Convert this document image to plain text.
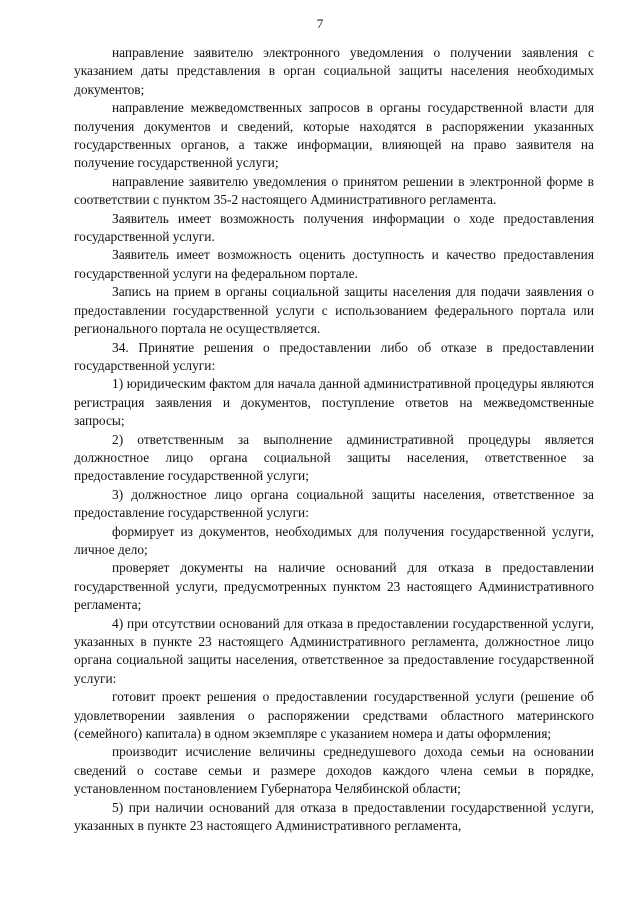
7

направление заявителю электронного уведомления о получении заявления с указанием даты представления в орган социальной защиты населения необходимых документов;

направление межведомственных запросов в органы государственной власти для получения документов и сведений, которые находятся в распоряжении указанных государственных органов, а также информации, влияющей на право заявителя на получение государственной услуги;

направление заявителю уведомления о принятом решении в электронной форме в соответствии с пунктом 35-2 настоящего Административного регламента.

Заявитель имеет возможность получения информации о ходе предоставления государственной услуги.

Заявитель имеет возможность оценить доступность и качество предоставления государственной услуги на федеральном портале.

Запись на прием в органы социальной защиты населения для подачи заявления о предоставлении государственной услуги с использованием федерального портала или регионального портала не осуществляется.

34. Принятие решения о предоставлении либо об отказе в предоставлении государственной услуги:

1) юридическим фактом для начала данной административной процедуры являются регистрация заявления и документов, поступление ответов на межведомственные запросы;

2) ответственным за выполнение административной процедуры является должностное лицо органа социальной защиты населения, ответственное за предоставление государственной услуги;

3) должностное лицо органа социальной защиты населения, ответственное за предоставление государственной услуги:

формирует из документов, необходимых для получения государственной услуги, личное дело;

проверяет документы на наличие оснований для отказа в предоставлении государственной услуги, предусмотренных пунктом 23 настоящего Административного регламента;

4) при отсутствии оснований для отказа в предоставлении государственной услуги, указанных в пункте 23 настоящего Административного регламента, должностное лицо органа социальной защиты населения, ответственное за предоставление государственной услуги:

готовит проект решения о предоставлении государственной услуги (решение об удовлетворении заявления о распоряжении средствами областного материнского (семейного) капитала) в одном экземпляре с указанием номера и даты оформления;

производит исчисление величины среднедушевого дохода семьи на основании сведений о составе семьи и размере доходов каждого члена семьи в порядке, установленном постановлением Губернатора Челябинской области;

5) при наличии оснований для отказа в предоставлении государственной услуги, указанных в пункте 23 настоящего Административного регламента,
